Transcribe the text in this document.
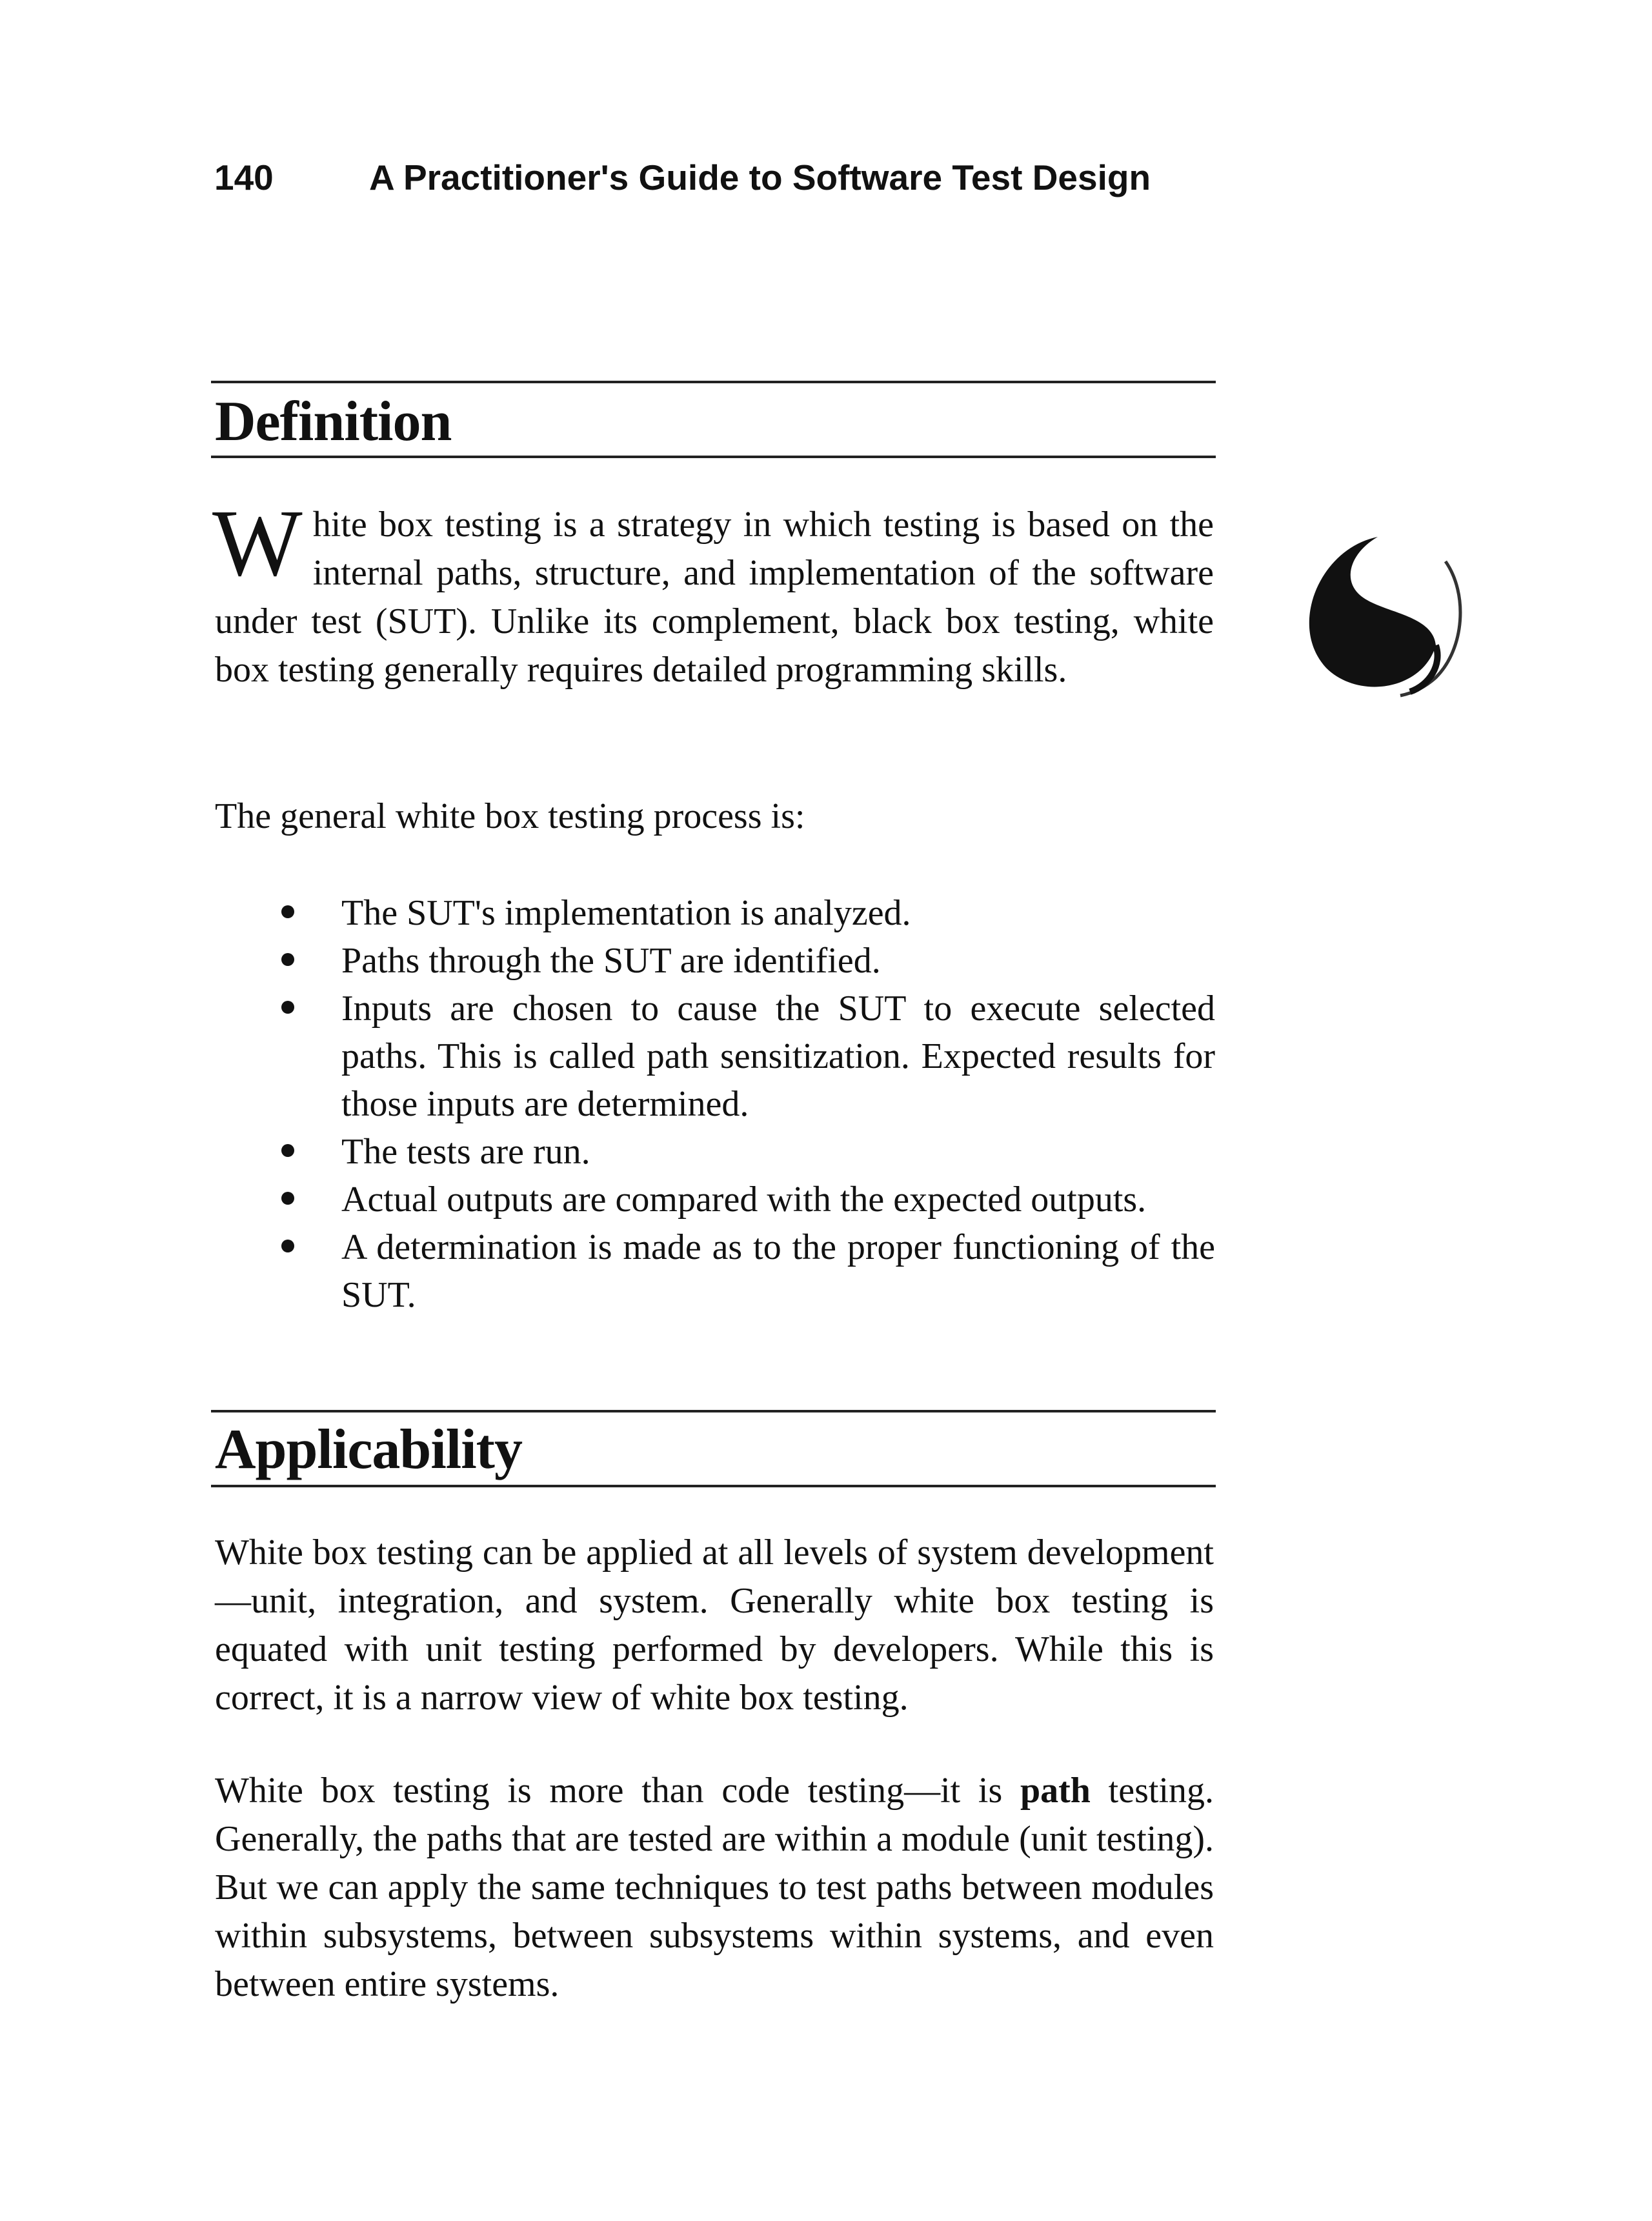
140	A Practitioner's Guide to Software Test Design
Definition

White box testing is a strategy in which testing is based on the internal paths, structure, and implementation of the software under test (SUT). Unlike its complement, black box testing, white box testing generally requires detailed programming skills.

The general white box testing process is:

The SUT's implementation is analyzed.
Paths through the SUT are identified.
Inputs are chosen to cause the SUT to execute selected paths. This is called path sensitization. Expected results for those inputs are determined.
The tests are run.
Actual outputs are compared with the expected outputs.
A determination is made as to the proper functioning of the SUT.
Applicability

White box testing can be applied at all levels of system development—unit, integration, and system. Generally white box testing is equated with unit testing performed by developers. While this is correct, it is a narrow view of white box testing.

White box testing is more than code testing—it is path testing. Generally, the paths that are tested are within a module (unit testing). But we can apply the same techniques to test paths between modules within subsystems, between subsystems within systems, and even between entire systems.
